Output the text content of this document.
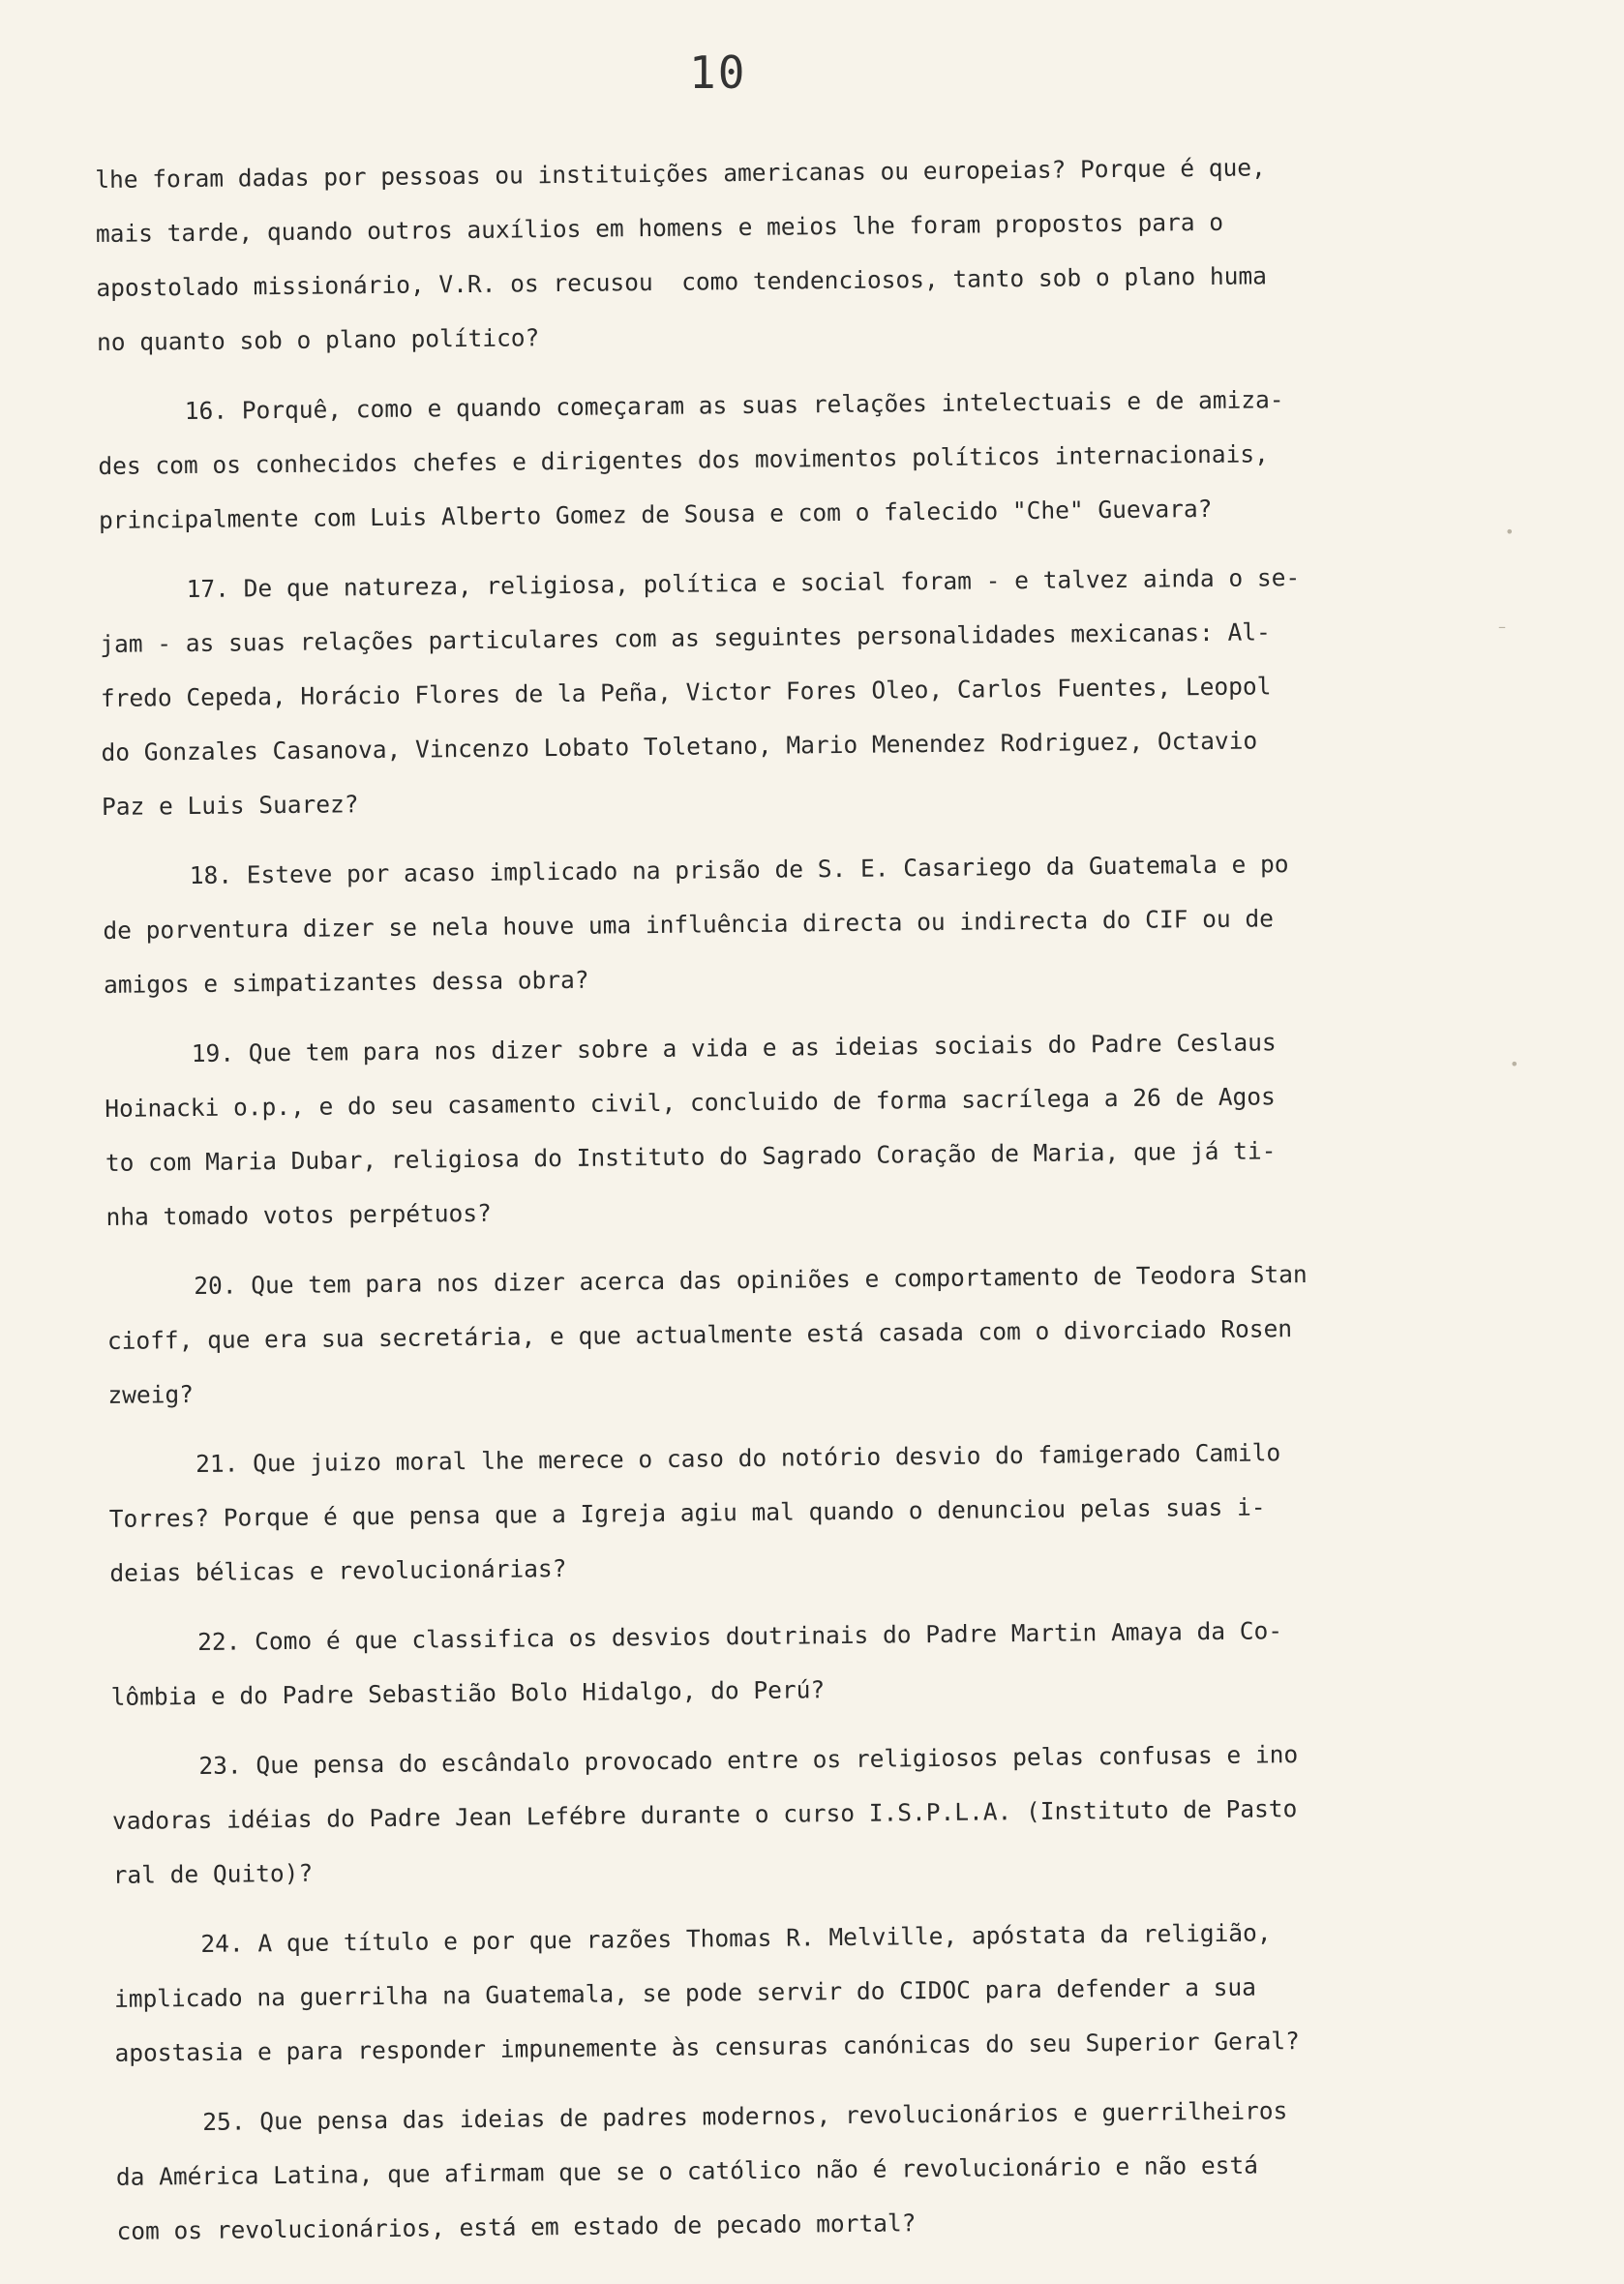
10
lhe foram dadas por pessoas ou instituições americanas ou europeias? Porque é que,
mais tarde, quando outros auxílios em homens e meios lhe foram propostos para o
apostolado missionário, V.R. os recusou  como tendenciosos, tanto sob o plano huma
no quanto sob o plano político?
16. Porquê, como e quando começaram as suas relações intelectuais e de amiza-
des com os conhecidos chefes e dirigentes dos movimentos políticos internacionais,
principalmente com Luis Alberto Gomez de Sousa e com o falecido "Che" Guevara?
17. De que natureza, religiosa, política e social foram - e talvez ainda o se-
jam - as suas relações particulares com as seguintes personalidades mexicanas: Al-
fredo Cepeda, Horácio Flores de la Peña, Victor Fores Oleo, Carlos Fuentes, Leopol
do Gonzales Casanova, Vincenzo Lobato Toletano, Mario Menendez Rodriguez, Octavio
Paz e Luis Suarez?
18. Esteve por acaso implicado na prisão de S. E. Casariego da Guatemala e po
de porventura dizer se nela houve uma influência directa ou indirecta do CIF ou de
amigos e simpatizantes dessa obra?
19. Que tem para nos dizer sobre a vida e as ideias sociais do Padre Ceslaus
Hoinacki o.p., e do seu casamento civil, concluido de forma sacrílega a 26 de Agos
to com Maria Dubar, religiosa do Instituto do Sagrado Coração de Maria, que já ti-
nha tomado votos perpétuos?
20. Que tem para nos dizer acerca das opiniões e comportamento de Teodora Stan
cioff, que era sua secretária, e que actualmente está casada com o divorciado Rosen
zweig?
21. Que juizo moral lhe merece o caso do notório desvio do famigerado Camilo
Torres? Porque é que pensa que a Igreja agiu mal quando o denunciou pelas suas i-
deias bélicas e revolucionárias?
22. Como é que classifica os desvios doutrinais do Padre Martin Amaya da Co-
lômbia e do Padre Sebastião Bolo Hidalgo, do Perú?
23. Que pensa do escândalo provocado entre os religiosos pelas confusas e ino
vadoras idéias do Padre Jean Lefébre durante o curso I.S.P.L.A. (Instituto de Pasto
ral de Quito)?
24. A que título e por que razões Thomas R. Melville, apóstata da religião,
implicado na guerrilha na Guatemala, se pode servir do CIDOC para defender a sua
apostasia e para responder impunemente às censuras canónicas do seu Superior Geral?
25. Que pensa das ideias de padres modernos, revolucionários e guerrilheiros
da América Latina, que afirmam que se o católico não é revolucionário e não está
com os revolucionários, está em estado de pecado mortal?
•
•
–
